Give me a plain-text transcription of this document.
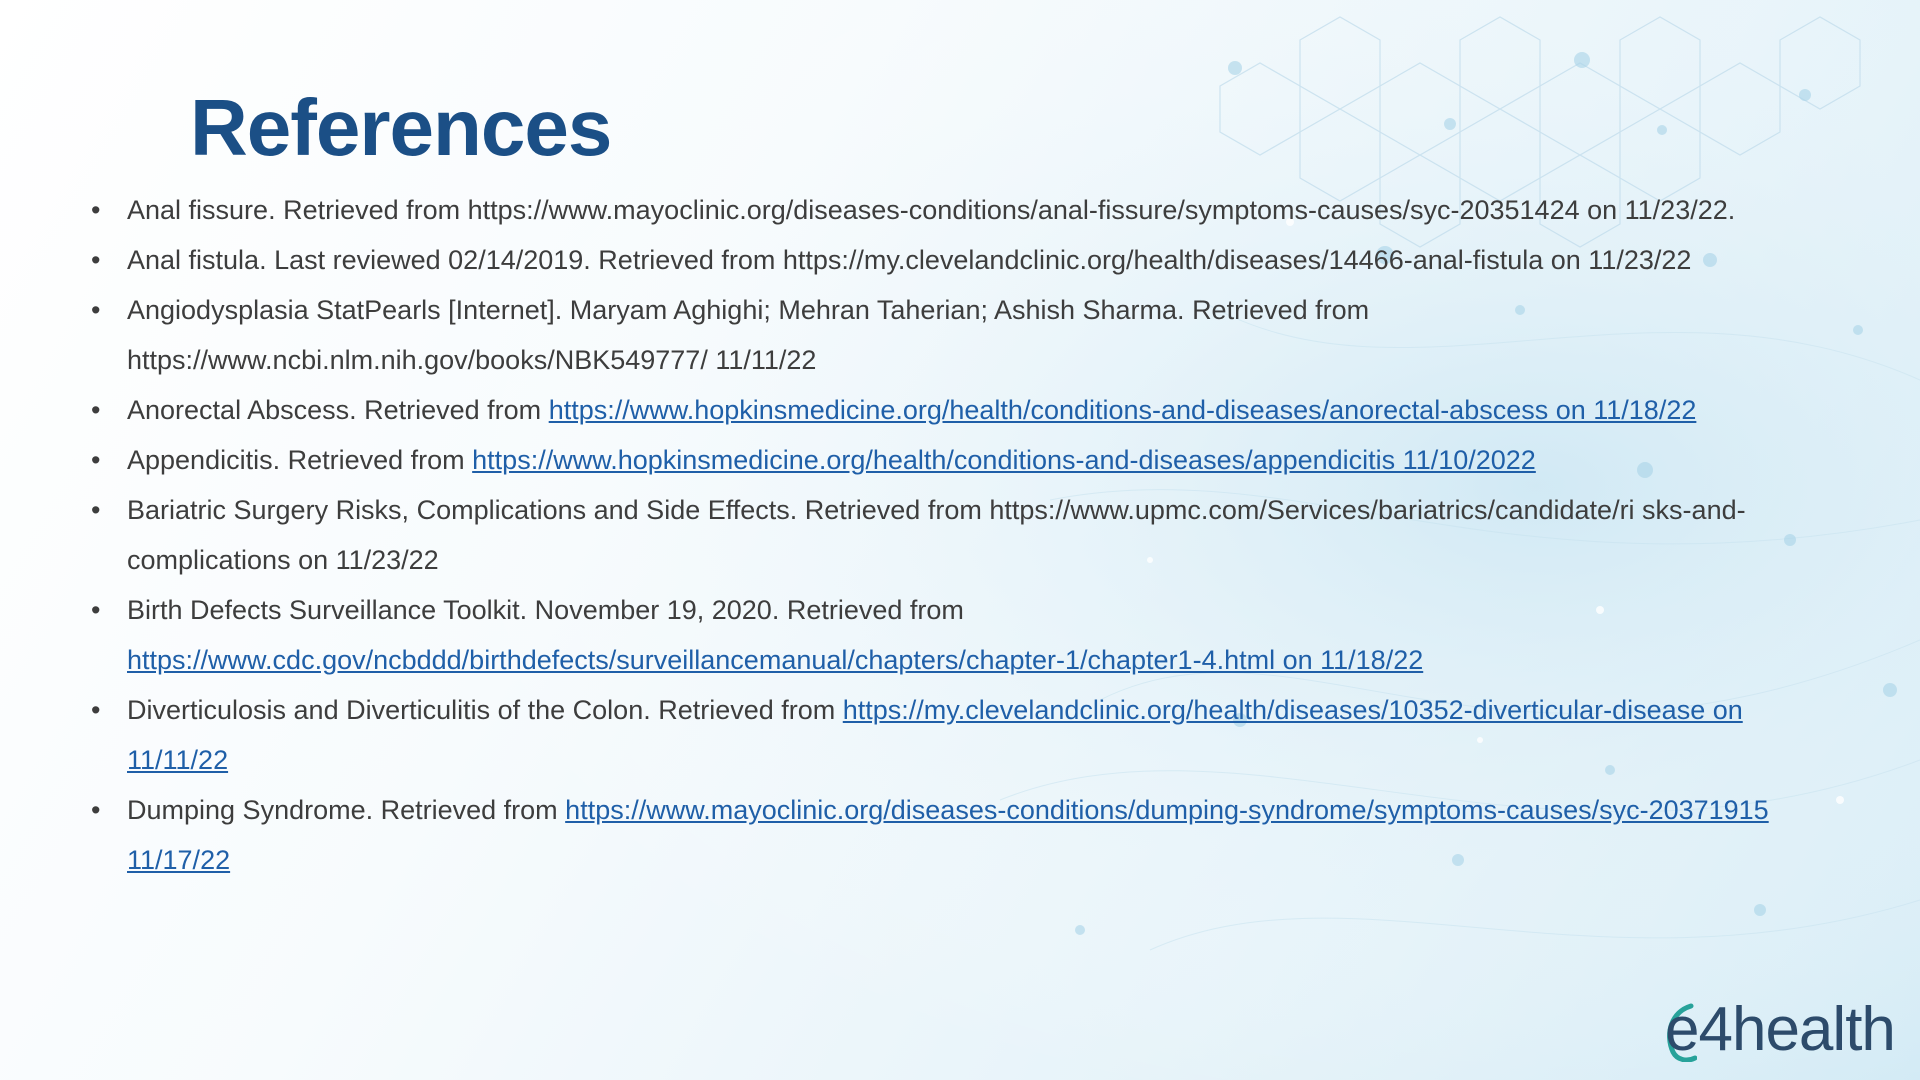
References
• Anal fissure. Retrieved from https://www.mayoclinic.org/diseases-conditions/anal-fissure/symptoms-causes/syc-20351424 on 11/23/22.
• Anal fistula. Last reviewed 02/14/2019. Retrieved from https://my.clevelandclinic.org/health/diseases/14466-anal-fistula on 11/23/22
• Angiodysplasia StatPearls [Internet]. Maryam Aghighi; Mehran Taherian; Ashish Sharma. Retrieved from https://www.ncbi.nlm.nih.gov/books/NBK549777/ 11/11/22
• Anorectal Abscess. Retrieved from https://www.hopkinsmedicine.org/health/conditions-and-diseases/anorectal-abscess on 11/18/22
• Appendicitis. Retrieved from https://www.hopkinsmedicine.org/health/conditions-and-diseases/appendicitis 11/10/2022
• Bariatric Surgery Risks, Complications and Side Effects. Retrieved from https://www.upmc.com/Services/bariatrics/candidate/ri sks-and-complications on 11/23/22
• Birth Defects Surveillance Toolkit. November 19, 2020. Retrieved from https://www.cdc.gov/ncbddd/birthdefects/surveillancemanual/chapters/chapter-1/chapter1-4.html on 11/18/22
• Diverticulosis and Diverticulitis of the Colon. Retrieved from https://my.clevelandclinic.org/health/diseases/10352-diverticular-disease on 11/11/22
• Dumping Syndrome. Retrieved from https://www.mayoclinic.org/diseases-conditions/dumping-syndrome/symptoms-causes/syc-20371915 11/17/22
e4health
